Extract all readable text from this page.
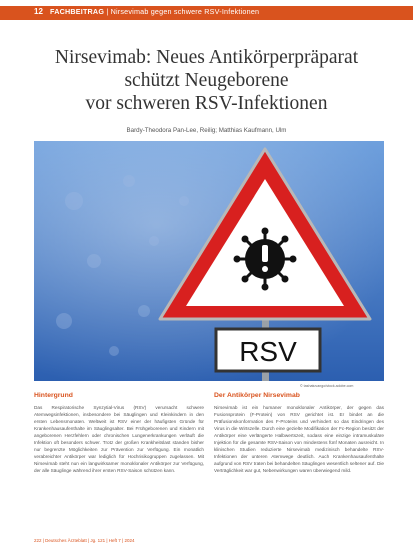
12 FACHBEITRAG | Nirsevimab gegen schwere RSV-Infektionen
Nirsevimab: Neues Antikörperpräparat
schützt Neugeborene
vor schweren RSV-Infektionen
Bardy-Theodora Pan-Lee, Reilig; Matthias Kaufmann, Ulm
RSV
© tashatuvango/stock.adobe.com
Hintergrund

Das Respiratorische Synzytial-Virus (RSV) verursacht schwere Atemwegsinfektionen, insbesondere bei Säuglingen und Kleinkindern in den ersten Lebensmonaten. Weltweit ist RSV einer der häufigsten Gründe für Krankenhausaufenthalte im Säuglingsalter. Bei Frühgeborenen und Kindern mit angeborenen Herzfehlern oder chronischen Lungenerkrankungen verläuft die Infektion oft besonders schwer. Trotz der großen Krankheitslast standen bisher nur begrenzte Möglichkeiten zur Prävention zur Verfügung. Ein monatlich verabreichter Antikörper war lediglich für Hochrisikogruppen zugelassen. Mit Nirsevimab steht nun ein langwirksamer monoklonaler Antikörper zur Verfügung, der alle Säuglinge während ihrer ersten RSV-Saison schützen kann.

Der Antikörper Nirsevimab

Nirsevimab ist ein humaner monoklonaler Antikörper, der gegen das Fusionsprotein (F-Protein) von RSV gerichtet ist. Er bindet an die Präfusionskonformation des F-Proteins und verhindert so das Eindringen des Virus in die Wirtszelle. Durch eine gezielte Modifikation der Fc-Region besitzt der Antikörper eine verlängerte Halbwertszeit, sodass eine einzige intramuskuläre Injektion für die gesamte RSV-Saison von mindestens fünf Monaten ausreicht. In klinischen Studien reduzierte Nirsevimab medizinisch behandelte RSV-Infektionen der unteren Atemwege deutlich. Auch Krankenhausaufenthalte aufgrund von RSV traten bei behandelten Säuglingen wesentlich seltener auf. Die Verträglichkeit war gut, Nebenwirkungen waren überwiegend mild.

222 | Deutsches Ärzteblatt | Jg. 121 | Heft 7 | 2024
